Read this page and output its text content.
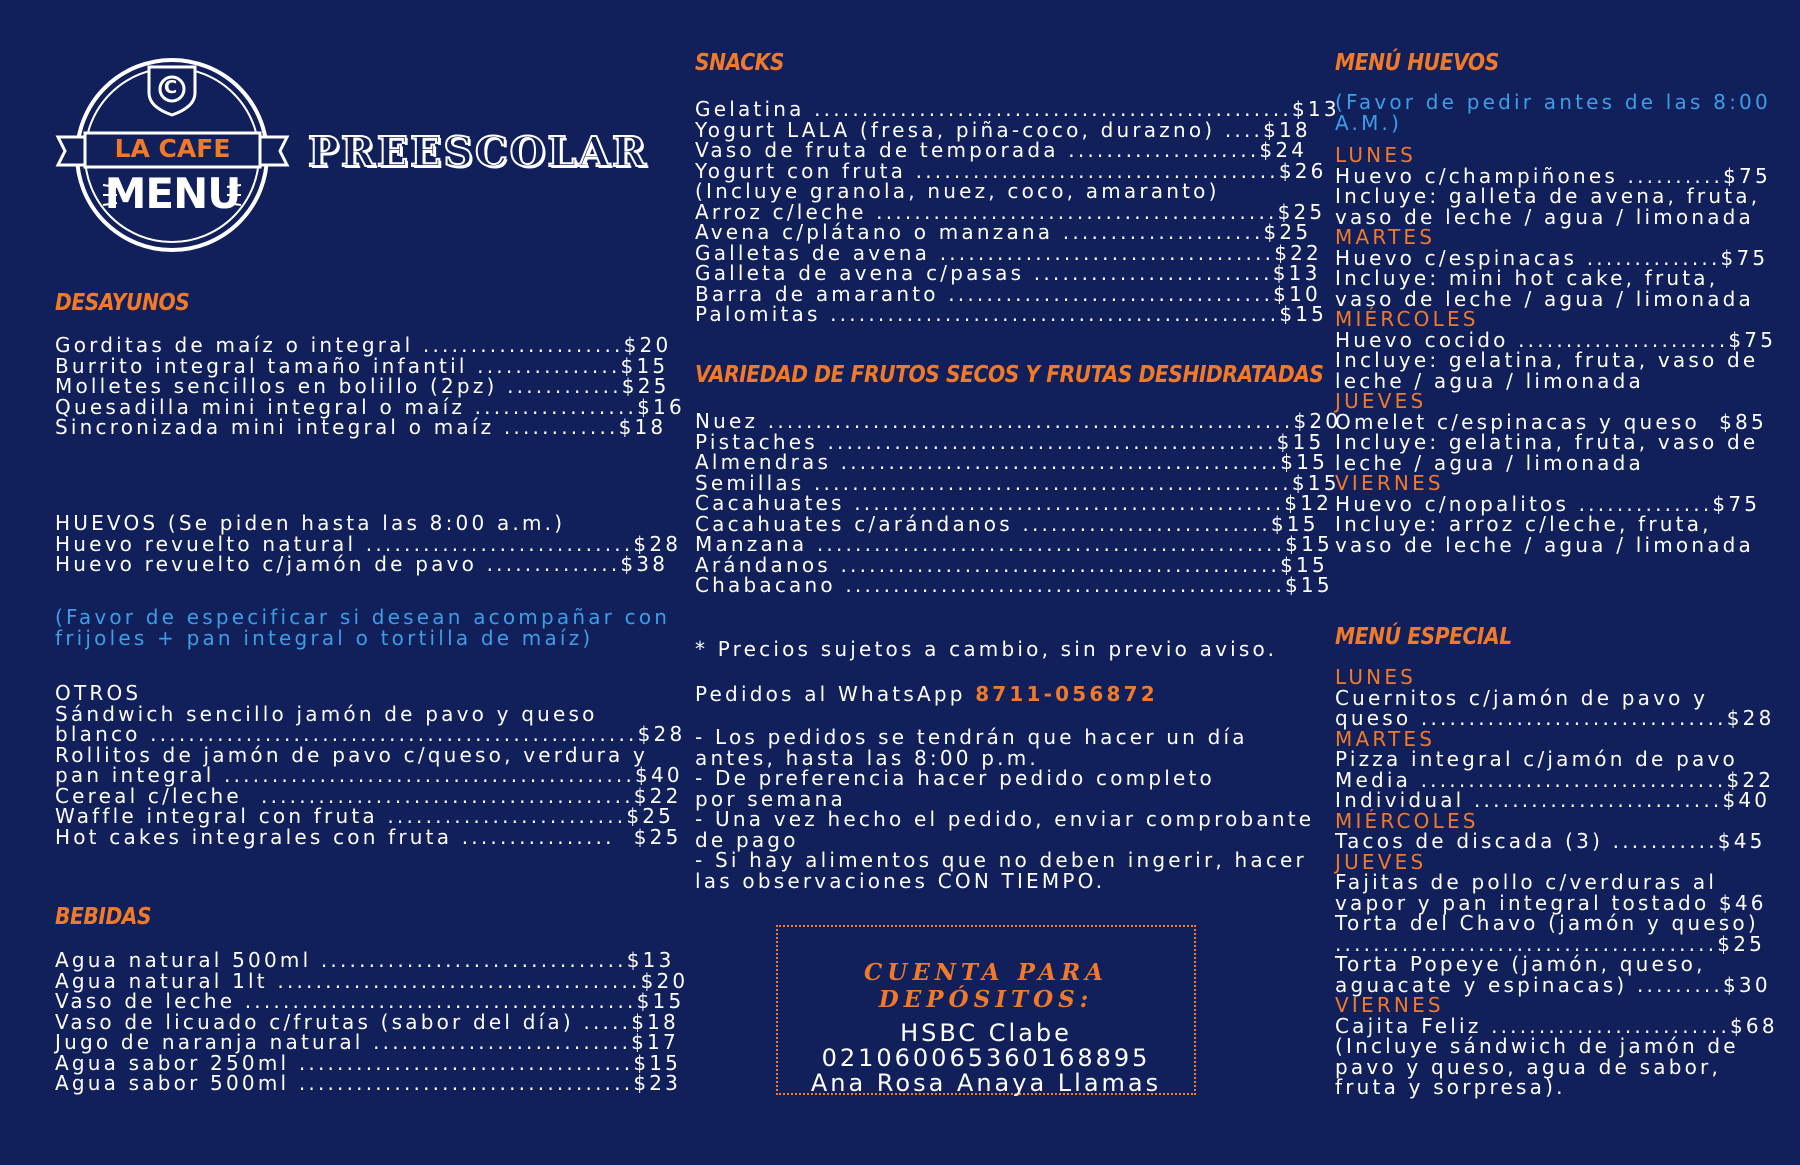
C
LA CAFE
MENU
PREESCOLAR
DESAYUNOS

Gorditas de maíz o integral .....................$20

Burrito integral tamaño infantil ...............$15

Molletes sencillos en bolillo (2pz) ............$25

Quesadilla mini integral o maíz .................$16

Sincronizada mini integral o maíz ............$18

HUEVOS (Se piden hasta las 8:00 a.m.)

Huevo revuelto natural ............................$28

Huevo revuelto c/jamón de pavo ..............$38

(Favor de especificar si desean acompañar con

frijoles + pan integral o tortilla de maíz)

OTROS

Sándwich sencillo jamón de pavo y queso

blanco ...................................................$28

Rollitos de jamón de pavo c/queso, verdura y

pan integral ...........................................$40

Cereal c/leche  .......................................$22

Waffle integral con fruta .........................$25

Hot cakes integrales con fruta ................  $25

BEBIDAS

Agua natural 500ml ................................$13

Agua natural 1lt ......................................$20

Vaso de leche .........................................$15

Vaso de licuado c/frutas (sabor del día) .....$18

Jugo de naranja natural ...........................$17

Agua sabor 250ml ...................................$15

Agua sabor 500ml ...................................$23

SNACKS

Gelatina ..................................................$13

Yogurt LALA (fresa, piña-coco, durazno) ....$18

Vaso de fruta de temporada ....................$24

Yogurt con fruta ......................................$26

(Incluye granola, nuez, coco, amaranto)

Arroz c/leche ..........................................$25

Avena c/plátano o manzana .....................$25

Galletas de avena ...................................$22

Galleta de avena c/pasas .........................$13

Barra de amaranto ..................................$10

Palomitas ...............................................$15

VARIEDAD DE FRUTOS SECOS Y FRUTAS DESHIDRATADAS

Nuez .......................................................$20

Pistaches ...............................................$15

Almendras ..............................................$15

Semillas ..................................................$15

Cacahuates .............................................$12

Cacahuates c/arándanos ..........................$15

Manzana .................................................$15

Arándanos ..............................................$15

Chabacano ..............................................$15

* Precios sujetos a cambio, sin previo aviso.

Pedidos al WhatsApp 8711-056872

- Los pedidos se tendrán que hacer un día

antes, hasta las 8:00 p.m.

- De preferencia hacer pedido completo

por semana

- Una vez hecho el pedido, enviar comprobante

de pago

- Si hay alimentos que no deben ingerir, hacer

las observaciones CON TIEMPO.

CUENTA PARA DEPÓSITOS:
HSBC Clabe
021060065360168895
Ana Rosa Anaya Llamas
MENÚ HUEVOS

(Favor de pedir antes de las 8:00

A.M.)

LUNES

Huevo c/champiñones ..........$75

Incluye: galleta de avena, fruta,

vaso de leche / agua / limonada

MARTES

Huevo c/espinacas ..............$75

Incluye: mini hot cake, fruta,

vaso de leche / agua / limonada

MIÉRCOLES

Huevo cocido ......................$75

Incluye: gelatina, fruta, vaso de

leche / agua / limonada

JUEVES

Omelet c/espinacas y queso  $85

Incluye: gelatina, fruta, vaso de

leche / agua / limonada

VIERNES

Huevo c/nopalitos ..............$75

Incluye: arroz c/leche, fruta,

vaso de leche / agua / limonada

MENÚ ESPECIAL

LUNES

Cuernitos c/jamón de pavo y

queso ................................$28

MARTES

Pizza integral c/jamón de pavo

Media ................................$22

Individual ..........................$40

MIÉRCOLES

Tacos de discada (3) ...........$45

JUEVES

Fajitas de pollo c/verduras al

vapor y pan integral tostado $46

Torta del Chavo (jamón y queso)

........................................$25

Torta Popeye (jamón, queso,

aguacate y espinacas) .........$30

VIERNES

Cajita Feliz .........................$68

(Incluye sándwich de jamón de

pavo y queso, agua de sabor,

fruta y sorpresa).
